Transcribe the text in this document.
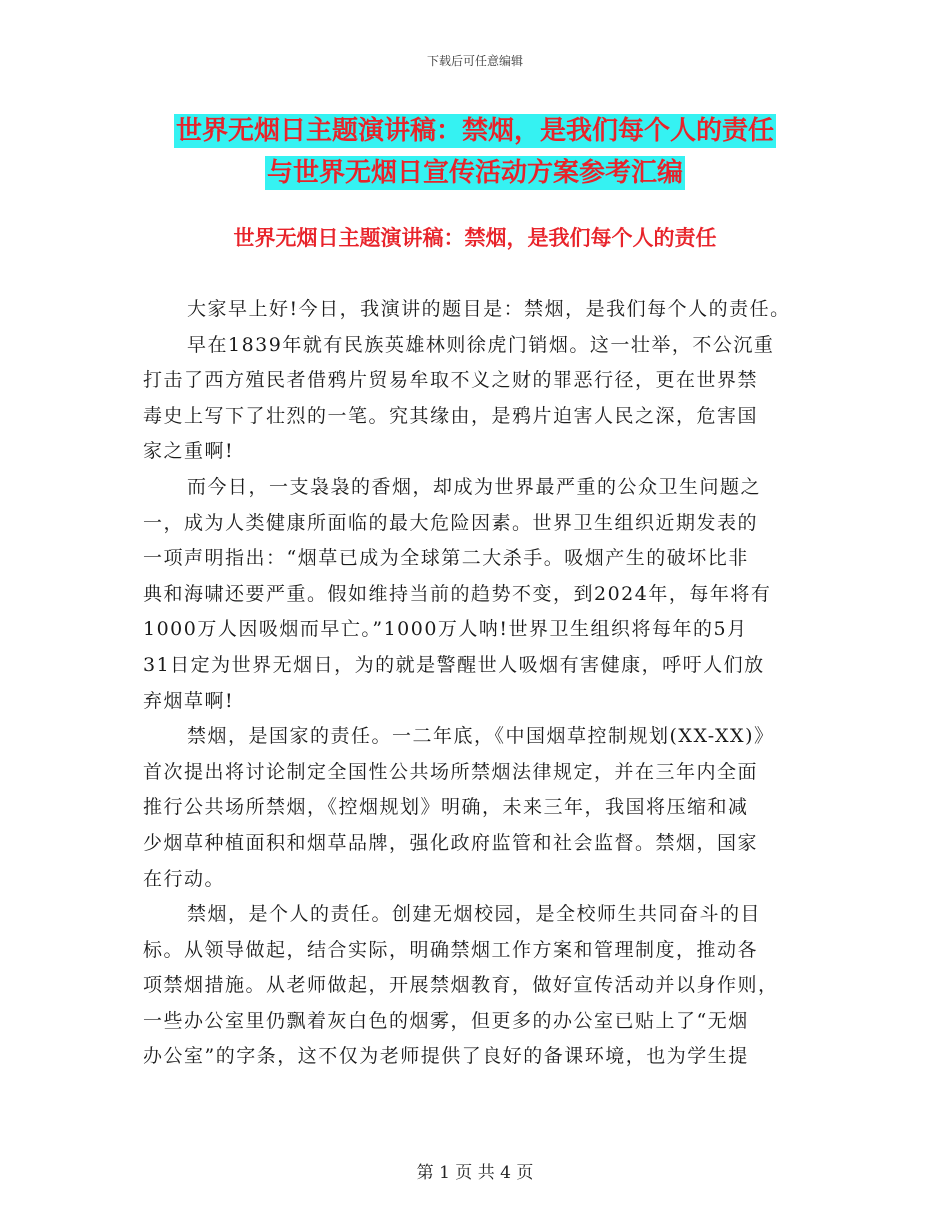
下载后可任意编辑
世界无烟日主题演讲稿：禁烟，是我们每个人的责任
与世界无烟日宣传活动方案参考汇编
世界无烟日主题演讲稿：禁烟，是我们每个人的责任
大家早上好!今日，我演讲的题目是：禁烟，是我们每个人的责任。
早在1839年就有民族英雄林则徐虎门销烟。这一壮举，不公沉重
打击了西方殖民者借鸦片贸易牟取不义之财的罪恶行径，更在世界禁
毒史上写下了壮烈的一笔。究其缘由，是鸦片迫害人民之深，危害国
家之重啊!
而今日，一支袅袅的香烟，却成为世界最严重的公众卫生问题之
一，成为人类健康所面临的最大危险因素。世界卫生组织近期发表的
一项声明指出：“烟草已成为全球第二大杀手。吸烟产生的破坏比非
典和海啸还要严重。假如维持当前的趋势不变，到2024年，每年将有
1000万人因吸烟而早亡。”1000万人呐!世界卫生组织将每年的5月
31日定为世界无烟日，为的就是警醒世人吸烟有害健康，呼吁人们放
弃烟草啊!
禁烟，是国家的责任。一二年底，《中国烟草控制规划(XX-XX)》
首次提出将讨论制定全国性公共场所禁烟法律规定，并在三年内全面
推行公共场所禁烟，《控烟规划》明确，未来三年，我国将压缩和减
少烟草种植面积和烟草品牌，强化政府监管和社会监督。禁烟，国家
在行动。
禁烟，是个人的责任。创建无烟校园，是全校师生共同奋斗的目
标。从领导做起，结合实际，明确禁烟工作方案和管理制度，推动各
项禁烟措施。从老师做起，开展禁烟教育，做好宣传活动并以身作则，
一些办公室里仍飘着灰白色的烟雾，但更多的办公室已贴上了“无烟
办公室”的字条，这不仅为老师提供了良好的备课环境，也为学生提
第 1 页 共 4 页
